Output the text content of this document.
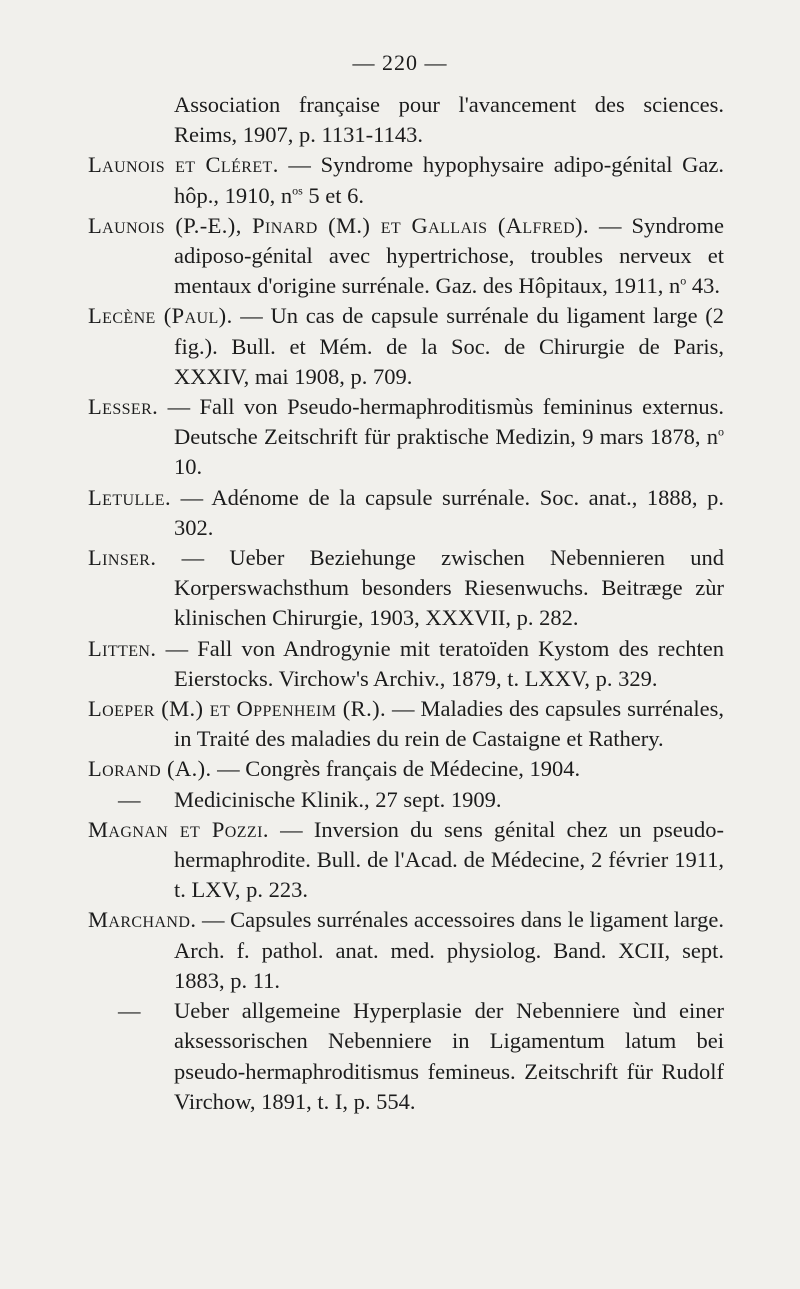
— 220 —
Association française pour l'avancement des sciences. Reims, 1907, p. 1131-1143.
Launois et Cléret. — Syndrome hypophysaire adipo-génital Gaz. hôp., 1910, $n^{os}$ 5 et 6.
Launois (P.-E.), Pinard (M.) et Gallais (Alfred). — Syndrome adiposo-génital avec hypertrichose, troubles nerveux et mentaux d'origine surrénale. Gaz. des Hôpitaux, 1911, $n^o$ 43.
Lecène (Paul). — Un cas de capsule surrénale du ligament large (2 fig.). Bull. et Mém. de la Soc. de Chirurgie de Paris, XXXIV, mai 1908, p. 709.
Lesser. — Fall von Pseudo-hermaphroditismùs femininus externus. Deutsche Zeitschrift für praktische Medizin, 9 mars 1878, $n^o$ 10.
Letulle. — Adénome de la capsule surrénale. Soc. anat., 1888, p. 302.
Linser. — Ueber Beziehunge zwischen Nebennieren und Korperswachsthum besonders Riesenwuchs. Beitræge zùr klinischen Chirurgie, 1903, XXXVII, p. 282.
Litten. — Fall von Androgynie mit teratoïden Kystom des rechten Eierstocks. Virchow's Archiv., 1879, t. LXXV, p. 329.
Loeper (M.) et Oppenheim (R.). — Maladies des capsules surrénales, in Traité des maladies du rein de Castaigne et Rathery.
Lorand (A.). — Congrès français de Médecine, 1904.
— Medicinische Klinik., 27 sept. 1909.
Magnan et Pozzi. — Inversion du sens génital chez un pseudo-hermaphrodite. Bull. de l'Acad. de Médecine, 2 février 1911, t. LXV, p. 223.
Marchand. — Capsules surrénales accessoires dans le ligament large. Arch. f. pathol. anat. med. physiolog. Band. XCII, sept. 1883, p. 11.
— Ueber allgemeine Hyperplasie der Nebenniere ùnd einer aksessorischen Nebenniere in Ligamentum latum bei pseudo-hermaphroditismus femineus. Zeitschrift für Rudolf Virchow, 1891, t. I, p. 554.
